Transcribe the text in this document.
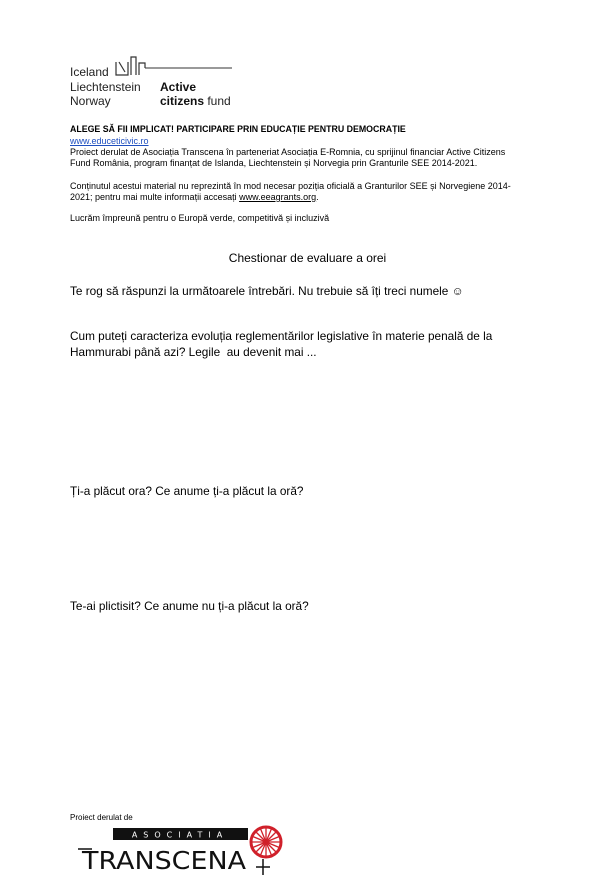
Iceland
Liechtenstein
Norway
Active
citizens fund
ALEGE SĂ FII IMPLICAT! PARTICIPARE PRIN EDUCAȚIE PENTRU DEMOCRAȚIE
www.educeticivic.ro
Proiect derulat de Asociația Transcena în parteneriat Asociația E-Romnia, cu sprijinul financiar Active Citizens
Fund România, program finanțat de Islanda, Liechtenstein și Norvegia prin Granturile SEE 2014-2021.
Conținutul acestui material nu reprezintă în mod necesar poziția oficială a Granturilor SEE și Norvegiene 2014-
2021; pentru mai multe informații accesați www.eeagrants.org.
Lucrăm împreună pentru o Europă verde, competitivă și incluzivă
Chestionar de evaluare a orei
Te rog să răspunzi la următoarele întrebări. Nu trebuie să îți treci numele ☺
Cum puteți caracteriza evoluția reglementărilor legislative în materie penală de la
Hammurabi până azi? Legile  au devenit mai ...
Ți-a plăcut ora? Ce anume ți-a plăcut la oră?
Te-ai plictisit? Ce anume nu ți-a plăcut la oră?
Proiect derulat de
ASOCIATIA
TRANSCENA
